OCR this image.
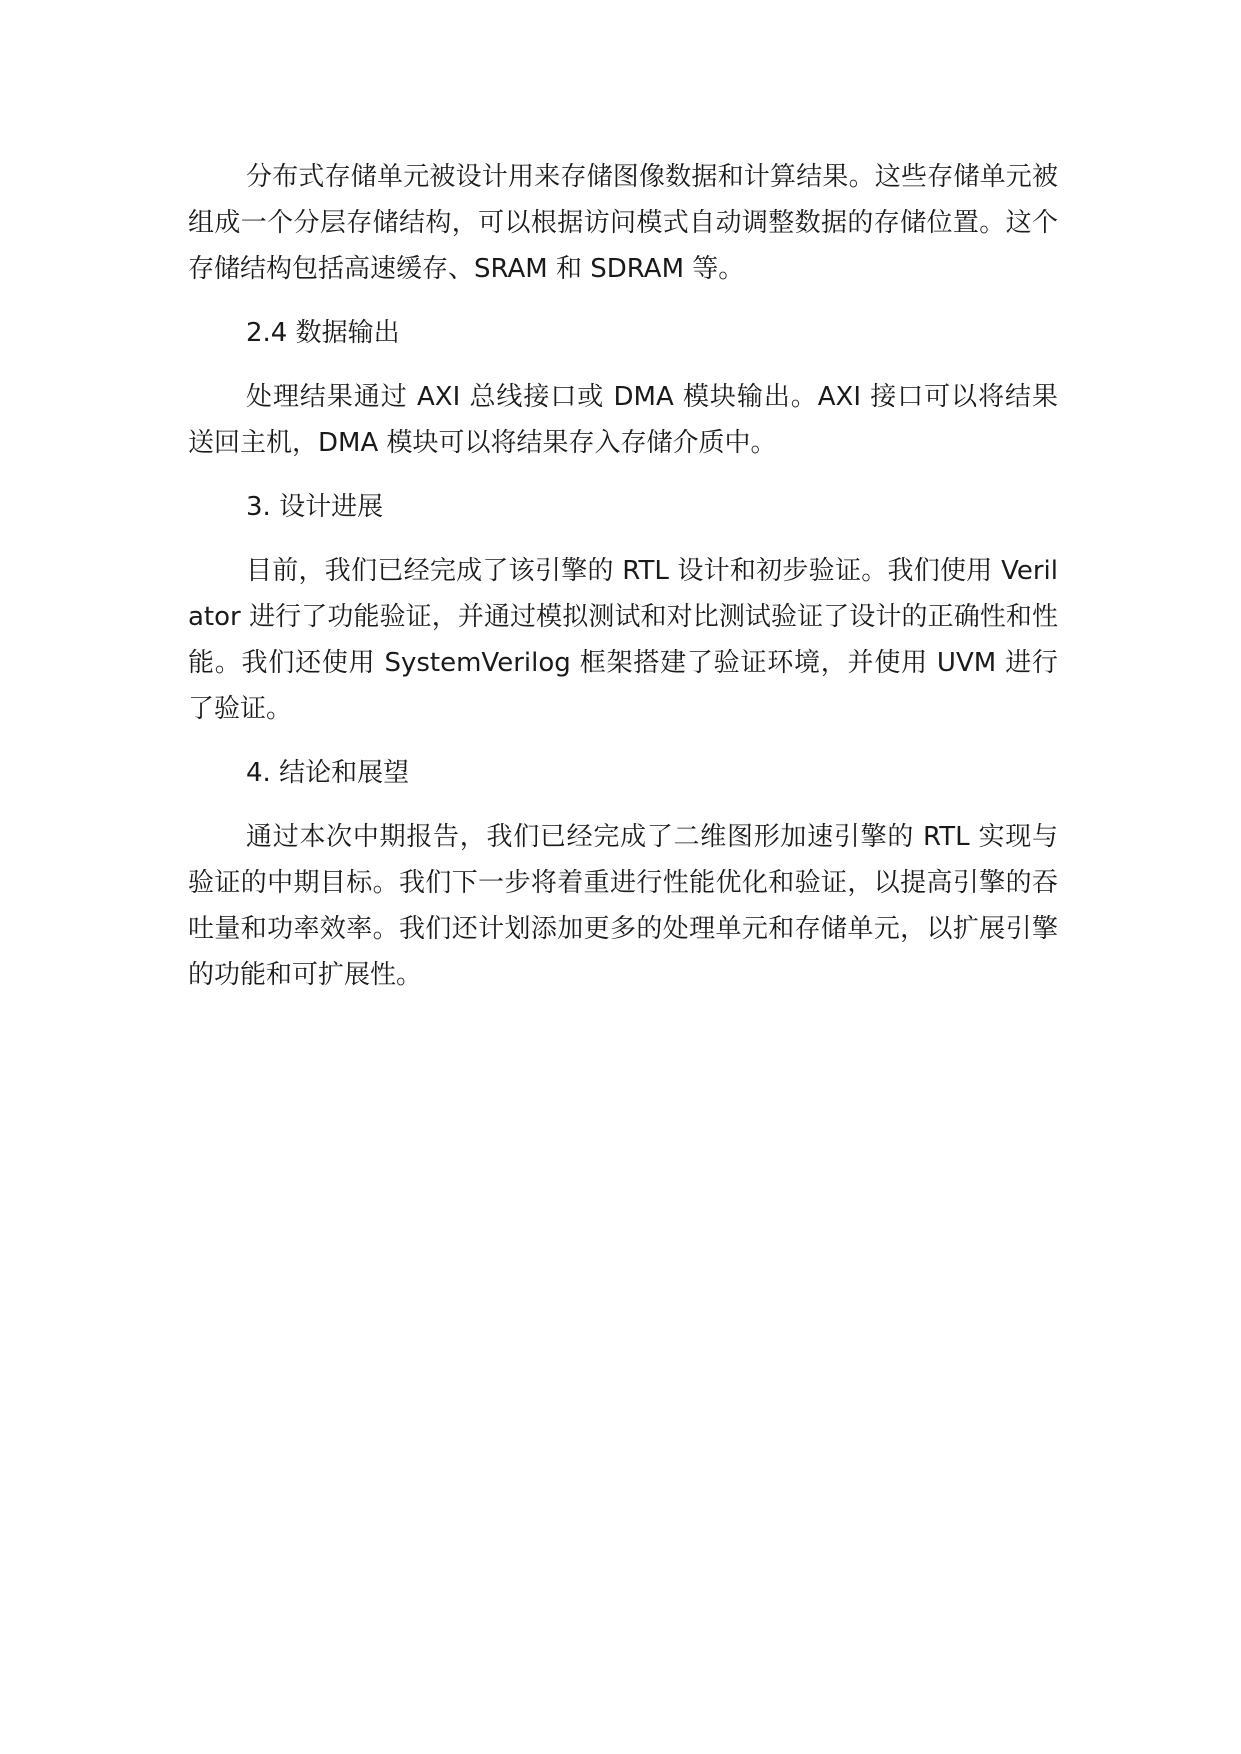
分布式存储单元被设计用来存储图像数据和计算结果。这些存储单元被组成一个分层存储结构，可以根据访问模式自动调整数据的存储位置。这个存储结构包括高速缓存、SRAM 和 SDRAM 等。

2.4 数据输出

处理结果通过 AXI 总线接口或 DMA 模块输出。AXI 接口可以将结果送回主机，DMA 模块可以将结果存入存储介质中。

3. 设计进展

目前，我们已经完成了该引擎的 RTL 设计和初步验证。我们使用 Verilator 进行了功能验证，并通过模拟测试和对比测试验证了设计的正确性和性能。我们还使用 SystemVerilog 框架搭建了验证环境，并使用 UVM 进行了验证。

4. 结论和展望

通过本次中期报告，我们已经完成了二维图形加速引擎的 RTL 实现与验证的中期目标。我们下一步将着重进行性能优化和验证，以提高引擎的吞吐量和功率效率。我们还计划添加更多的处理单元和存储单元，以扩展引擎的功能和可扩展性。
